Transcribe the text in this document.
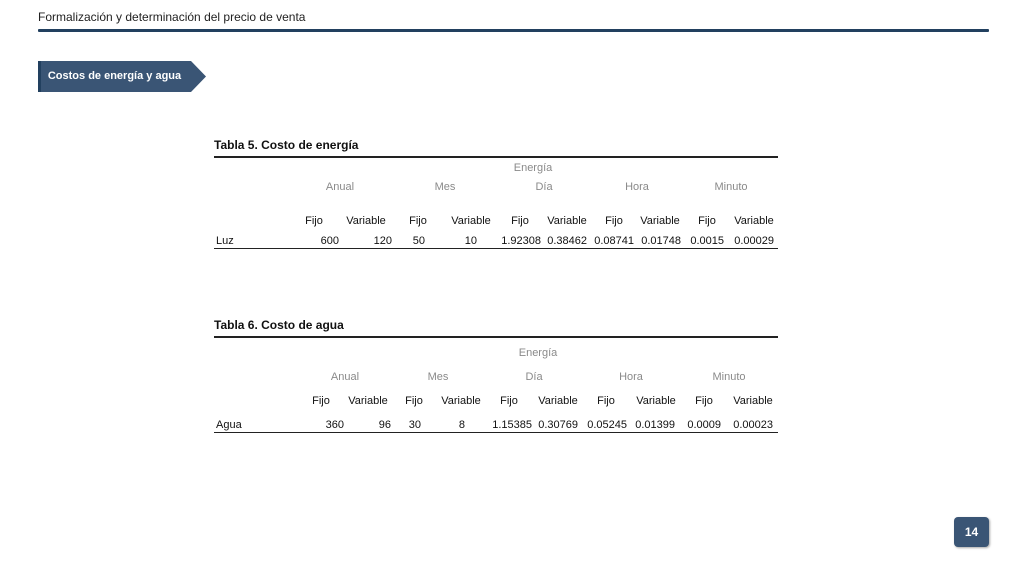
Formalización y determinación del precio de venta
Costos de energía y agua
Tabla 5. Costo de energía
Energía
Anual	Mes	Día	Hora	Minuto
Fijo Variable Fijo Variable Fijo Variable Fijo Variable Fijo Variable
Luz	600	120 50	10 1.92308 0.38462 0.08741 0.01748 0.0015 0.00029
Tabla 6. Costo de agua
Energía
Anual	Mes	Día	Hora	Minuto
Fijo Variable Fijo Variable Fijo Variable Fijo Variable Fijo Variable
Agua	360	96 30	8 1.15385 0.30769 0.05245 0.01399 0.0009 0.00023
14
